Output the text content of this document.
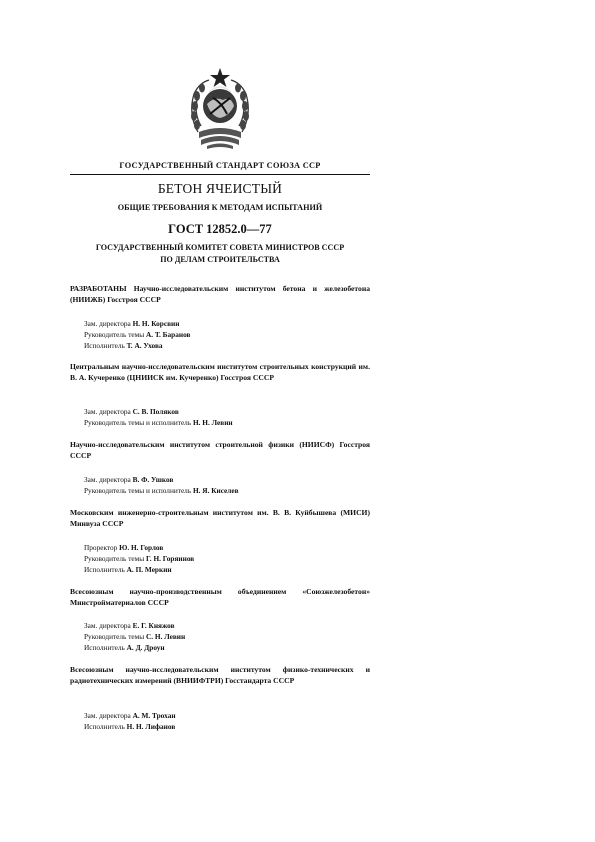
ГОСУДАРСТВЕННЫЙ СТАНДАРТ СОЮЗА ССР
БЕТОН ЯЧЕИСТЫЙ
ОБЩИЕ ТРЕБОВАНИЯ К МЕТОДАМ ИСПЫТАНИЙ
ГОСТ 12852.0—77
ГОСУДАРСТВЕННЫЙ КОМИТЕТ СОВЕТА МИНИСТРОВ СССР
ПО ДЕЛАМ СТРОИТЕЛЬСТВА
РАЗРАБОТАНЫ Научно-исследовательским институтом бетона и железобетона (НИИЖБ) Госстроя СССР
Зам. директора Н. Н. Корсвин
Руководитель темы А. Т. Баранов
Исполнитель Т. А. Ухова
Центральным научно-исследовательским институтом строительных конструкций им. В. А. Кучеренко (ЦНИИСК им. Кучеренко) Госстроя СССР
Зам. директора С. В. Поляков
Руководитель темы и исполнитель Н. Н. Левин
Научно-исследовательским институтом строительной физики (НИИСФ) Госстроя СССР
Зам. директора В. Ф. Ушков
Руководитель темы и исполнитель Н. Я. Киселев
Московским инженерно-строительным институтом им. В. В. Куйбышева (МИСИ) Минвуза СССР
Проректор Ю. Н. Горлов
Руководитель темы Г. Н. Горяинов
Исполнитель А. П. Меркин
Всесоюзным научно-производственным объединением «Союзжелезобетон» Минстройматериалов СССР
Зам. директора Е. Г. Княжов
Руководитель темы С. Н. Левин
Исполнитель А. Д. Дроун
Всесоюзным научно-исследовательским институтом физико-технических и радиотехнических измерений (ВНИИФТРИ) Госстандарта СССР
Зам. директора А. М. Трохан
Исполнитель Н. Н. Лифанов
